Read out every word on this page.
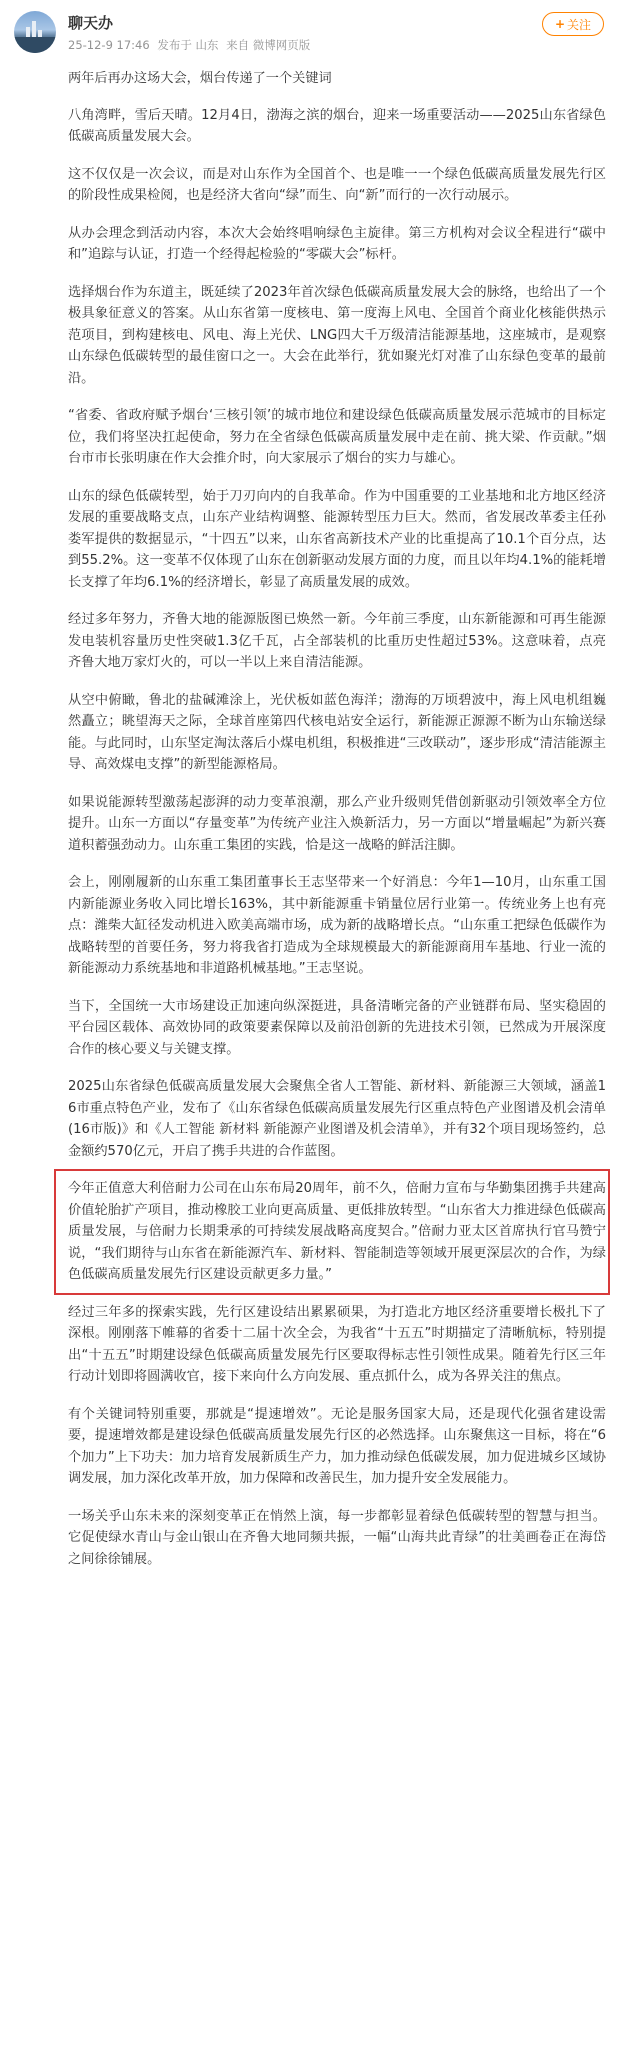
聊天办
25-12-9 17:46 发布于 山东 来自 微博网页版
+ 关注

两年后再办这场大会，烟台传递了一个关键词

八角湾畔，雪后天晴。12月4日，渤海之滨的烟台，迎来一场重要活动——2025山东省绿色低碳高质量发展大会。

这不仅仅是一次会议，而是对山东作为全国首个、也是唯一一个绿色低碳高质量发展先行区的阶段性成果检阅，也是经济大省向“绿”而生、向“新”而行的一次行动展示。

从办会理念到活动内容，本次大会始终唱响绿色主旋律。第三方机构对会议全程进行“碳中和”追踪与认证，打造一个经得起检验的“零碳大会”标杆。

选择烟台作为东道主，既延续了2023年首次绿色低碳高质量发展大会的脉络，也给出了一个极具象征意义的答案。从山东省第一度核电、第一度海上风电、全国首个商业化核能供热示范项目，到构建核电、风电、海上光伏、LNG四大千万级清洁能源基地，这座城市，是观察山东绿色低碳转型的最佳窗口之一。大会在此举行，犹如聚光灯对准了山东绿色变革的最前沿。

“省委、省政府赋予烟台‘三核引领’的城市地位和建设绿色低碳高质量发展示范城市的目标定位，我们将坚决扛起使命，努力在全省绿色低碳高质量发展中走在前、挑大梁、作贡献。”烟台市市长张明康在作大会推介时，向大家展示了烟台的实力与雄心。

山东的绿色低碳转型，始于刀刃向内的自我革命。作为中国重要的工业基地和北方地区经济发展的重要战略支点，山东产业结构调整、能源转型压力巨大。然而，省发展改革委主任孙娄军提供的数据显示，“十四五”以来，山东省高新技术产业的比重提高了10.1个百分点，达到55.2%。这一变革不仅体现了山东在创新驱动发展方面的力度，而且以年均4.1%的能耗增长支撑了年均6.1%的经济增长，彰显了高质量发展的成效。

经过多年努力，齐鲁大地的能源版图已焕然一新。今年前三季度，山东新能源和可再生能源发电装机容量历史性突破1.3亿千瓦，占全部装机的比重历史性超过53%。这意味着，点亮齐鲁大地万家灯火的，可以一半以上来自清洁能源。

从空中俯瞰，鲁北的盐碱滩涂上，光伏板如蓝色海洋；渤海的万顷碧波中，海上风电机组巍然矗立；眺望海天之际，全球首座第四代核电站安全运行，新能源正源源不断为山东输送绿能。与此同时，山东坚定淘汰落后小煤电机组，积极推进“三改联动”，逐步形成“清洁能源主导、高效煤电支撑”的新型能源格局。

如果说能源转型激荡起澎湃的动力变革浪潮，那么产业升级则凭借创新驱动引领效率全方位提升。山东一方面以“存量变革”为传统产业注入焕新活力，另一方面以“增量崛起”为新兴赛道积蓄强劲动力。山东重工集团的实践，恰是这一战略的鲜活注脚。

会上，刚刚履新的山东重工集团董事长王志坚带来一个好消息：今年1—10月，山东重工国内新能源业务收入同比增长163%，其中新能源重卡销量位居行业第一。传统业务上也有亮点：潍柴大缸径发动机进入欧美高端市场，成为新的战略增长点。“山东重工把绿色低碳作为战略转型的首要任务，努力将我省打造成为全球规模最大的新能源商用车基地、行业一流的新能源动力系统基地和非道路机械基地。”王志坚说。

当下，全国统一大市场建设正加速向纵深挺进，具备清晰完备的产业链群布局、坚实稳固的平台园区载体、高效协同的政策要素保障以及前沿创新的先进技术引领，已然成为开展深度合作的核心要义与关键支撑。

2025山东省绿色低碳高质量发展大会聚焦全省人工智能、新材料、新能源三大领域，涵盖16市重点特色产业，发布了《山东省绿色低碳高质量发展先行区重点特色产业图谱及机会清单(16市版)》和《人工智能 新材料 新能源产业图谱及机会清单》，并有32个项目现场签约，总金额约570亿元，开启了携手共进的合作蓝图。

今年正值意大利倍耐力公司在山东布局20周年，前不久，倍耐力宣布与华勤集团携手共建高价值轮胎扩产项目，推动橡胶工业向更高质量、更低排放转型。“山东省大力推进绿色低碳高质量发展，与倍耐力长期秉承的可持续发展战略高度契合。”倍耐力亚太区首席执行官马赞宁说，“我们期待与山东省在新能源汽车、新材料、智能制造等领域开展更深层次的合作，为绿色低碳高质量发展先行区建设贡献更多力量。”

经过三年多的探索实践，先行区建设结出累累硕果，为打造北方地区经济重要增长极扎下了深根。刚刚落下帷幕的省委十二届十次全会，为我省“十五五”时期描定了清晰航标，特别提出“十五五”时期建设绿色低碳高质量发展先行区要取得标志性引领性成果。随着先行区三年行动计划即将圆满收官，接下来向什么方向发展、重点抓什么，成为各界关注的焦点。

有个关键词特别重要，那就是“提速增效”。无论是服务国家大局，还是现代化强省建设需要，提速增效都是建设绿色低碳高质量发展先行区的必然选择。山东聚焦这一目标，将在“6个加力”上下功夫：加力培育发展新质生产力，加力推动绿色低碳发展，加力促进城乡区域协调发展，加力深化改革开放，加力保障和改善民生，加力提升安全发展能力。

一场关乎山东未来的深刻变革正在悄然上演，每一步都彰显着绿色低碳转型的智慧与担当。它促使绿水青山与金山银山在齐鲁大地同频共振，一幅“山海共此青绿”的壮美画卷正在海岱之间徐徐铺展。
